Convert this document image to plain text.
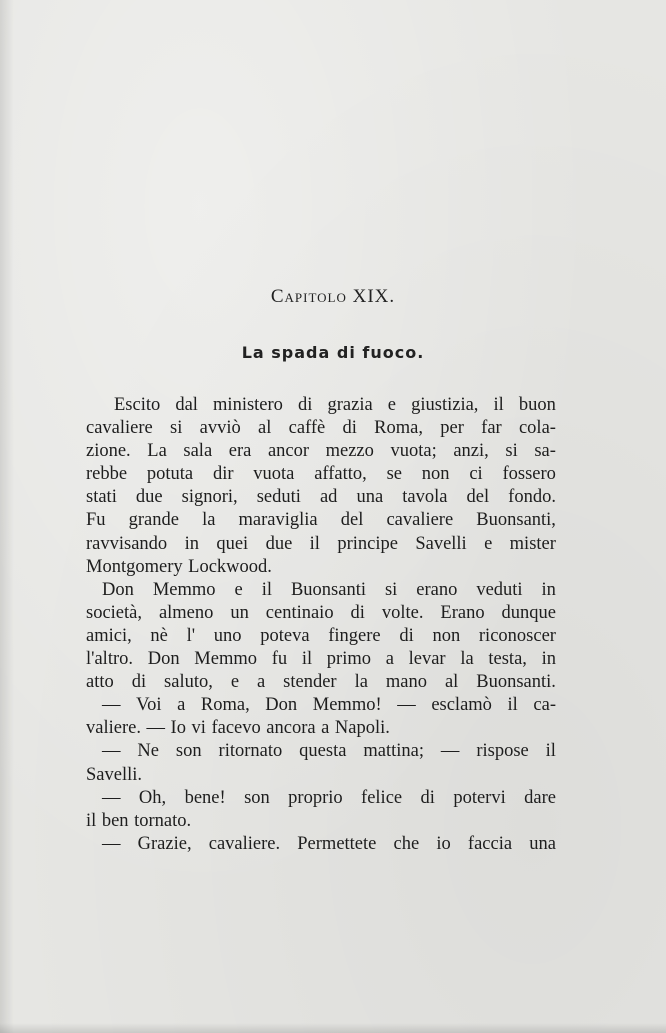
Capitolo XIX.
La spada di fuoco.
Escito dal ministero di grazia e giustizia, il buon
cavaliere si avviò al caffè di Roma, per far cola-
zione. La sala era ancor mezzo vuota; anzi, si sa-
rebbe potuta dir vuota affatto, se non ci fossero
stati due signori, seduti ad una tavola del fondo.
Fu grande la maraviglia del cavaliere Buonsanti,
ravvisando in quei due il principe Savelli e mister
Montgomery Lockwood.
Don Memmo e il Buonsanti si erano veduti in
società, almeno un centinaio di volte. Erano dunque
amici, nè l' uno poteva fingere di non riconoscer
l'altro. Don Memmo fu il primo a levar la testa, in
atto di saluto, e a stender la mano al Buonsanti.
— Voi a Roma, Don Memmo! — esclamò il ca-
valiere. — Io vi facevo ancora a Napoli.
— Ne son ritornato questa mattina; — rispose il
Savelli.
— Oh, bene! son proprio felice di potervi dare
il ben tornato.
— Grazie, cavaliere. Permettete che io faccia una
